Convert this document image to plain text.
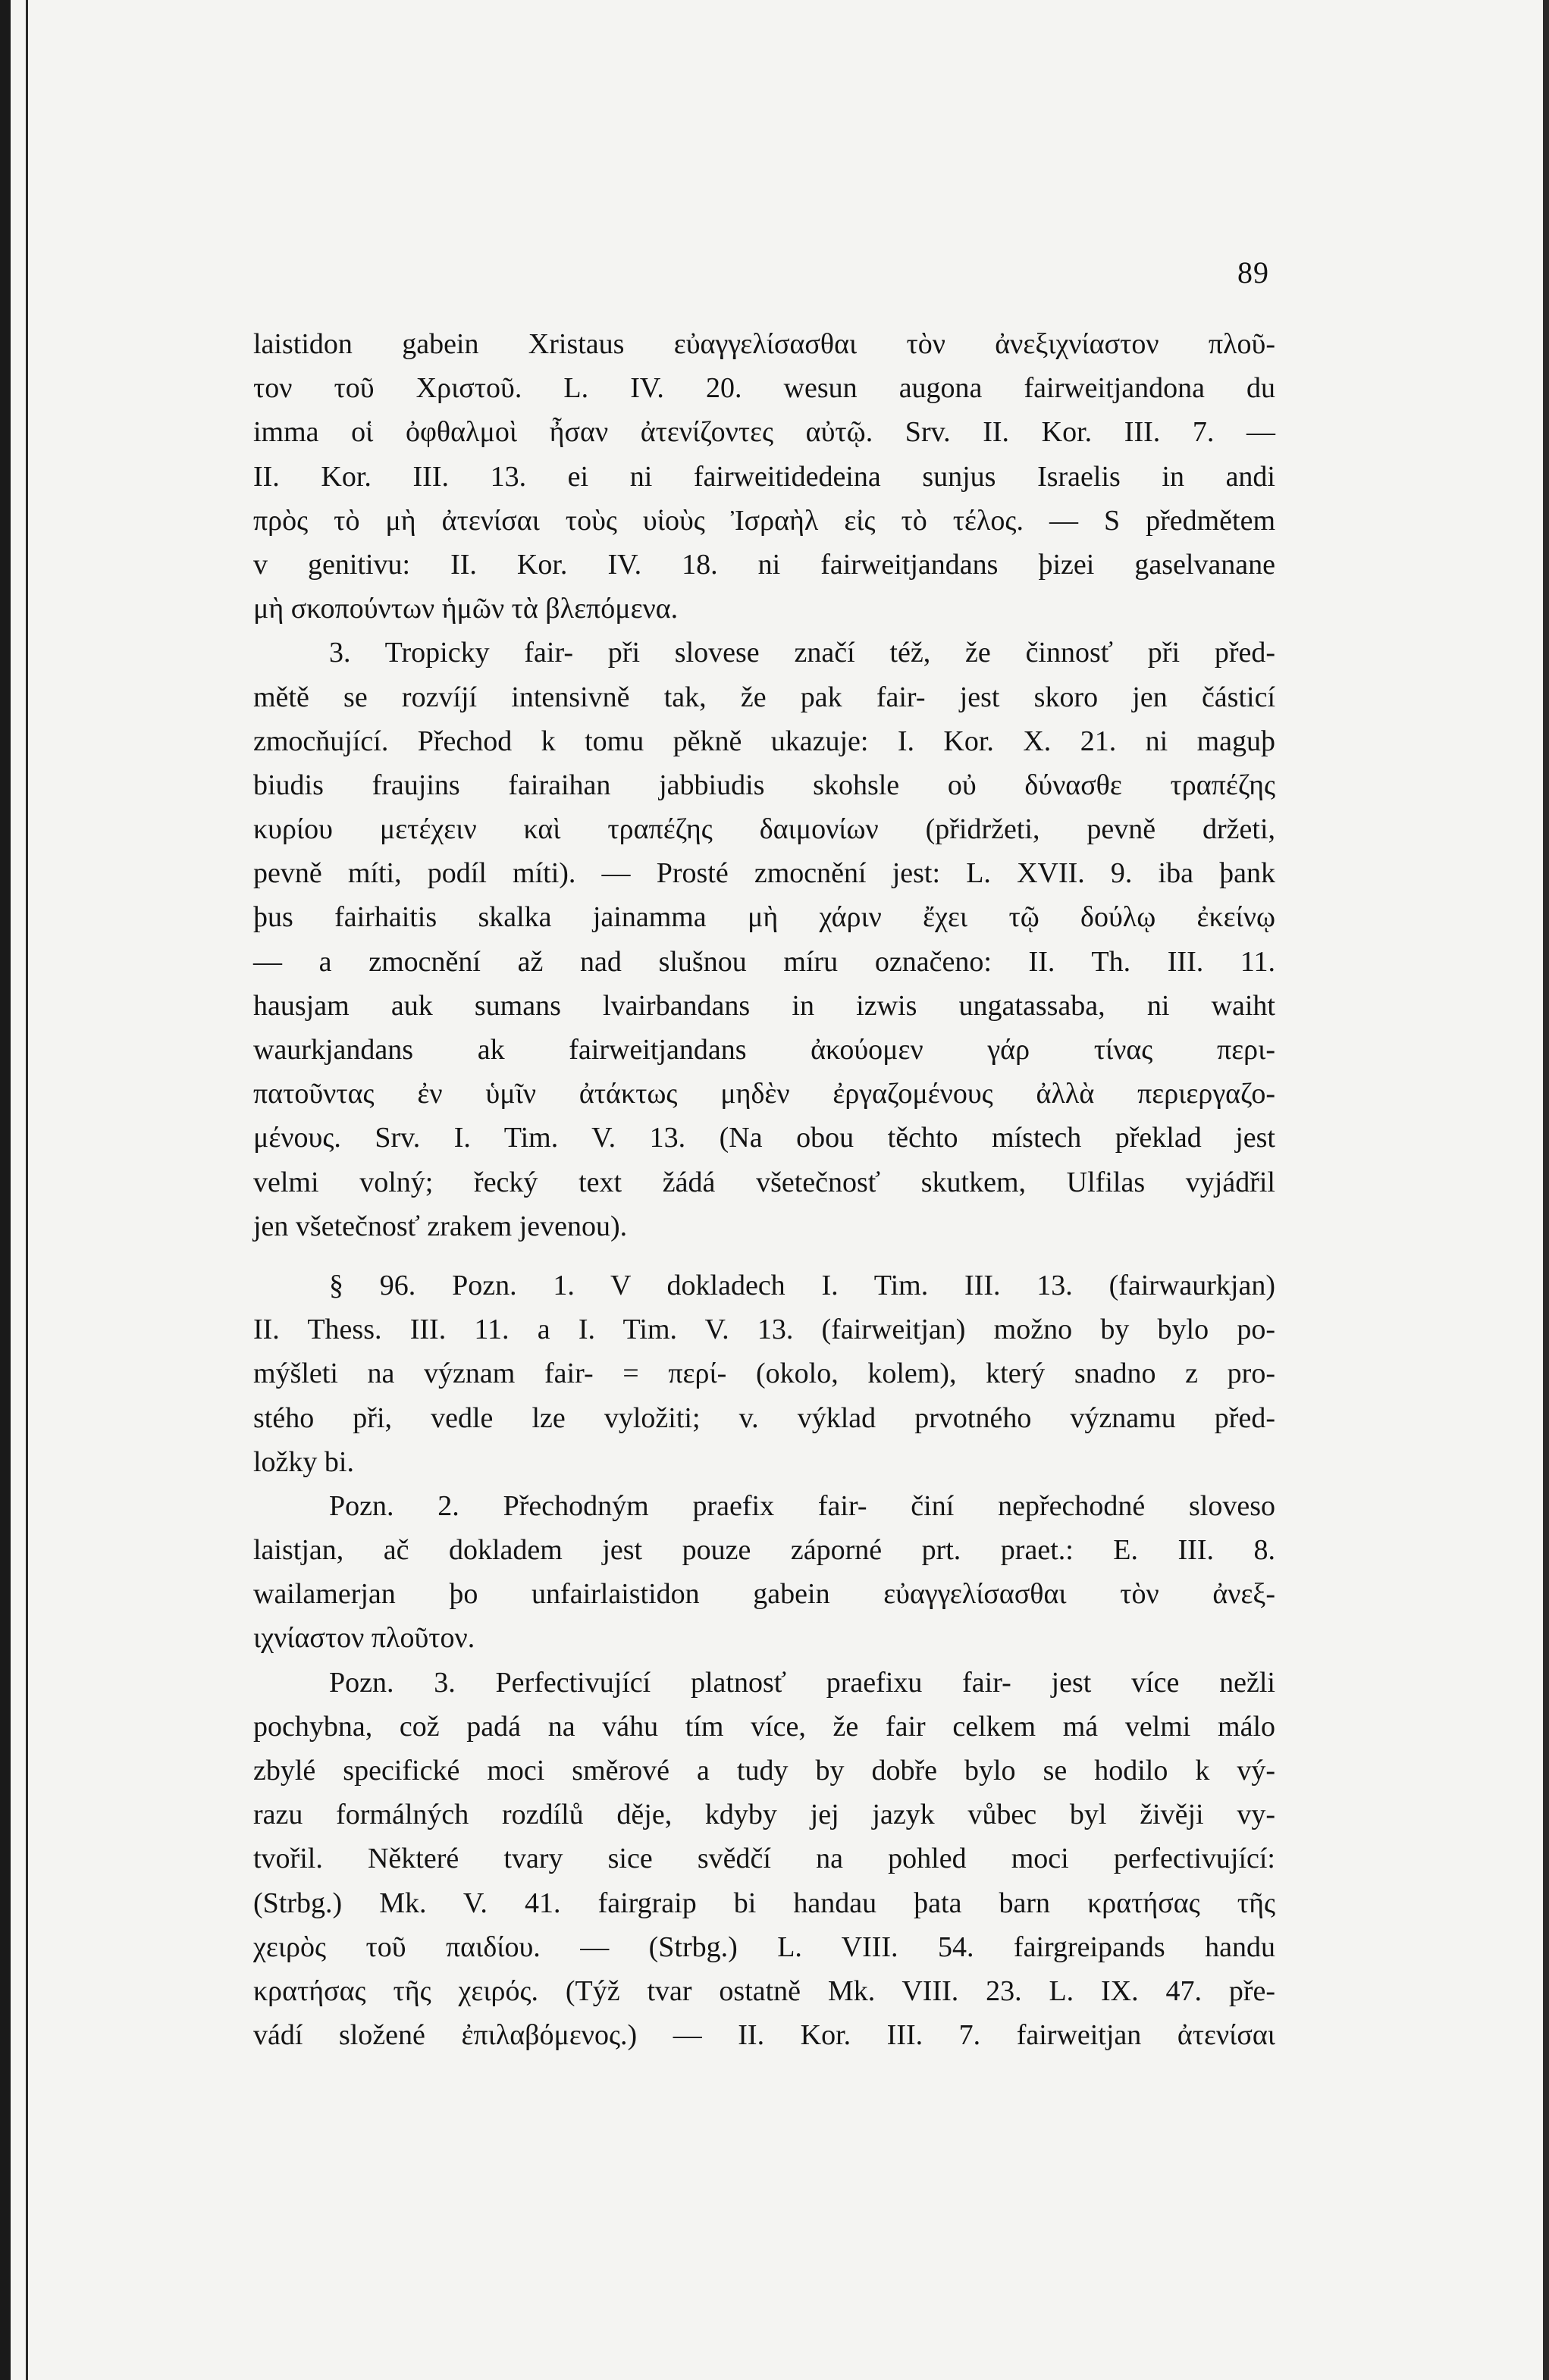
89
laistidon gabein Xristaus εὐαγγελίσασθαι τὸν ἀνεξιχνίαστον πλοῦ-
τον τοῦ Χριστοῦ. L. IV. 20. wesun augona fairweitjandona du
imma οἱ ὀφθαλμοὶ ἦσαν ἀτενίζοντες αὐτῷ. Srv. II. Kor. III. 7. —
II. Kor. III. 13. ei ni fairweitidedeina sunjus Israelis in andi
πρὸς τὸ μὴ ἀτενίσαι τοὺς υἱοὺς Ἰσραὴλ εἰς τὸ τέλος. — S předmětem
v genitivu: II. Kor. IV. 18. ni fairweitjandans þizei gaselvanane
μὴ σκοπούντων ἡμῶν τὰ βλεπόμενα.
3. Tropicky fair- při slovese značí též, že činnosť při před-
mětě se rozvíjí intensivně tak, že pak fair- jest skoro jen částicí
zmocňující. Přechod k tomu pěkně ukazuje: I. Kor. X. 21. ni maguþ
biudis fraujins fairaihan jabbiudis skohsle οὐ δύνασθε τραπέζης
κυρίου μετέχειν καὶ τραπέζης δαιμονίων (přidržeti, pevně držeti,
pevně míti, podíl míti). — Prosté zmocnění jest: L. XVII. 9. iba þank
þus fairhaitis skalka jainamma μὴ χάριν ἔχει τῷ δούλῳ ἐκείνῳ
— a zmocnění až nad slušnou míru označeno: II. Th. III. 11.
hausjam auk sumans lvairbandans in izwis ungatassaba, ni waiht
waurkjandans ak fairweitjandans ἀκούομεν γάρ τίνας περι-
πατοῦντας ἐν ὑμῖν ἀτάκτως μηδὲν ἐργαζομένους ἀλλὰ περιεργαζο-
μένους. Srv. I. Tim. V. 13. (Na obou těchto místech překlad jest
velmi volný; řecký text žádá všetečnosť skutkem, Ulfilas vyjádřil
jen všetečnosť zrakem jevenou).
§ 96. Pozn. 1. V dokladech I. Tim. III. 13. (fairwaurkjan)
II. Thess. III. 11. a I. Tim. V. 13. (fairweitjan) možno by bylo po-
mýšleti na význam fair- = περί- (okolo, kolem), který snadno z pro-
stého při, vedle lze vyložiti; v. výklad prvotného významu před-
ložky bi.
Pozn. 2. Přechodným praefix fair- činí nepřechodné sloveso
laistjan, ač dokladem jest pouze záporné prt. praet.: E. III. 8.
wailamerjan þo unfairlaistidon gabein εὐαγγελίσασθαι τὸν ἀνεξ-
ιχνίαστον πλοῦτον.
Pozn. 3. Perfectivující platnosť praefixu fair- jest více nežli
pochybna, což padá na váhu tím více, že fair celkem má velmi málo
zbylé specifické moci směrové a tudy by dobře bylo se hodilo k vý-
razu formálných rozdílů děje, kdyby jej jazyk vůbec byl živěji vy-
tvořil. Některé tvary sice svědčí na pohled moci perfectivující:
(Strbg.) Mk. V. 41. fairgraip bi handau þata barn κρατήσας τῆς
χειρὸς τοῦ παιδίου. — (Strbg.) L. VIII. 54. fairgreipands handu
κρατήσας τῆς χειρός. (Týž tvar ostatně Mk. VIII. 23. L. IX. 47. pře-
vádí složené ἐπιλαβόμενος.) — II. Kor. III. 7. fairweitjan ἀτενίσαι
